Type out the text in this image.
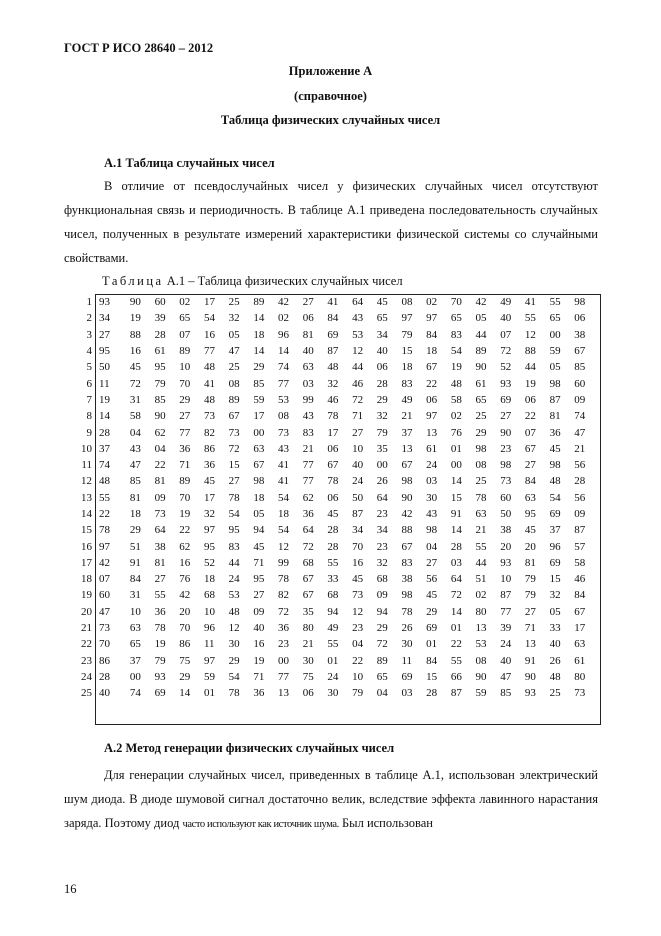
ГОСТ Р ИСО 28640 – 2012
Приложение А
(справочное)
Таблица физических случайных чисел
А.1 Таблица случайных чисел
В отличие от псевдослучайных чисел у физических случайных чисел отсутствуют функциональная связь и периодичность. В таблице А.1 приведена последовательность случайных чисел, полученных в результате измерений характеристики физической системы со случайными свойствами.
Таблица А.1 – Таблица физических случайных чисел
1	93	90	60	02	17	25	89	42	27	41	64	45	08	02	70	42	49	41	55	98
2	34	19	39	65	54	32	14	02	06	84	43	65	97	97	65	05	40	55	65	06
3	27	88	28	07	16	05	18	96	81	69	53	34	79	84	83	44	07	12	00	38
4	95	16	61	89	77	47	14	14	40	87	12	40	15	18	54	89	72	88	59	67
5	50	45	95	10	48	25	29	74	63	48	44	06	18	67	19	90	52	44	05	85
6	11	72	79	70	41	08	85	77	03	32	46	28	83	22	48	61	93	19	98	60
7	19	31	85	29	48	89	59	53	99	46	72	29	49	06	58	65	69	06	87	09
8	14	58	90	27	73	67	17	08	43	78	71	32	21	97	02	25	27	22	81	74
9	28	04	62	77	82	73	00	73	83	17	27	79	37	13	76	29	90	07	36	47
10	37	43	04	36	86	72	63	43	21	06	10	35	13	61	01	98	23	67	45	21
11	74	47	22	71	36	15	67	41	77	67	40	00	67	24	00	08	98	27	98	56
12	48	85	81	89	45	27	98	41	77	78	24	26	98	03	14	25	73	84	48	28
13	55	81	09	70	17	78	18	54	62	06	50	64	90	30	15	78	60	63	54	56
14	22	18	73	19	32	54	05	18	36	45	87	23	42	43	91	63	50	95	69	09
15	78	29	64	22	97	95	94	54	64	28	34	34	88	98	14	21	38	45	37	87
16	97	51	38	62	95	83	45	12	72	28	70	23	67	04	28	55	20	20	96	57
17	42	91	81	16	52	44	71	99	68	55	16	32	83	27	03	44	93	81	69	58
18	07	84	27	76	18	24	95	78	67	33	45	68	38	56	64	51	10	79	15	46
19	60	31	55	42	68	53	27	82	67	68	73	09	98	45	72	02	87	79	32	84
20	47	10	36	20	10	48	09	72	35	94	12	94	78	29	14	80	77	27	05	67
21	73	63	78	70	96	12	40	36	80	49	23	29	26	69	01	13	39	71	33	17
22	70	65	19	86	11	30	16	23	21	55	04	72	30	01	22	53	24	13	40	63
23	86	37	79	75	97	29	19	00	30	01	22	89	11	84	55	08	40	91	26	61
24	28	00	93	29	59	54	71	77	75	24	10	65	69	15	66	90	47	90	48	80
25	40	74	69	14	01	78	36	13	06	30	79	04	03	28	87	59	85	93	25	73
А.2 Метод генерации физических случайных чисел
Для генерации случайных чисел, приведенных в таблице А.1, использован электрический шум диода. В диоде шумовой сигнал достаточно велик, вследствие эффекта лавинного нарастания заряда. Поэтому диод часто используют как источник шума. Был использован
16
